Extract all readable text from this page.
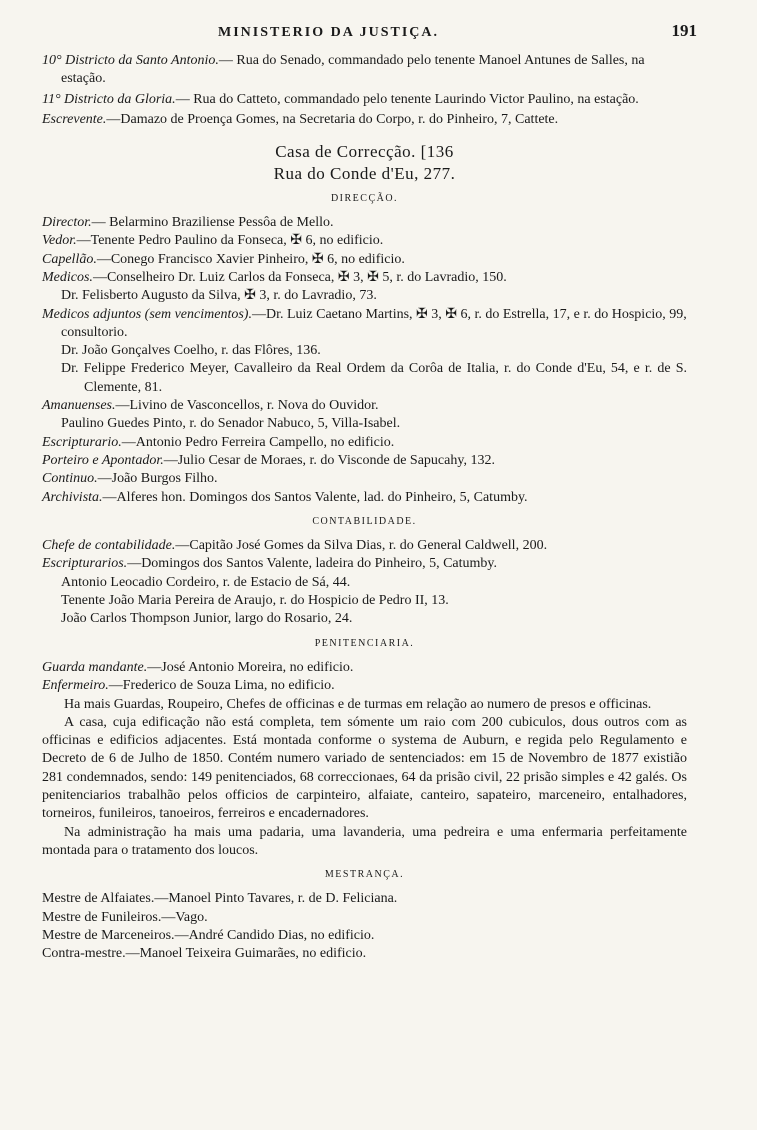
MINISTERIO DA JUSTIÇA.	191

10° Districto da Santo Antonio.— Rua do Senado, commandado pelo tenente Manoel Antunes de Salles, na estação.

11° Districto da Gloria.— Rua do Catteto, commandado pelo tenente Laurindo Victor Paulino, na estação.

Escrevente.—Damazo de Proença Gomes, na Secretaria do Corpo, r. do Pinheiro, 7, Cattete.

Casa de Correcção. [136

Rua do Conde d'Eu, 277.

DIRECÇÃO.

Director.— Belarmino Braziliense Pessôa de Mello.

Vedor.—Tenente Pedro Paulino da Fonseca, ✠ 6, no edificio.

Capellão.—Conego Francisco Xavier Pinheiro, ✠ 6, no edificio.

Medicos.—Conselheiro Dr. Luiz Carlos da Fonseca, ✠ 3, ✠ 5, r. do Lavradio, 150.

Dr. Felisberto Augusto da Silva, ✠ 3, r. do Lavradio, 73.

Medicos adjuntos (sem vencimentos).—Dr. Luiz Caetano Martins, ✠ 3, ✠ 6, r. do Estrella, 17, e r. do Hospicio, 99, consultorio.

Dr. João Gonçalves Coelho, r. das Flôres, 136.

Dr. Felippe Frederico Meyer, Cavalleiro da Real Ordem da Corôa de Italia, r. do Conde d'Eu, 54, e r. de S. Clemente, 81.

Amanuenses.—Livino de Vasconcellos, r. Nova do Ouvidor.

Paulino Guedes Pinto, r. do Senador Nabuco, 5, Villa-Isabel.

Escripturario.—Antonio Pedro Ferreira Campello, no edificio.

Porteiro e Apontador.—Julio Cesar de Moraes, r. do Visconde de Sapucahy, 132.

Continuo.—João Burgos Filho.

Archivista.—Alferes hon. Domingos dos Santos Valente, lad. do Pinheiro, 5, Catumby.

CONTABILIDADE.

Chefe de contabilidade.—Capitão José Gomes da Silva Dias, r. do General Caldwell, 200.

Escripturarios.—Domingos dos Santos Valente, ladeira do Pinheiro, 5, Catumby.

Antonio Leocadio Cordeiro, r. de Estacio de Sá, 44.

Tenente João Maria Pereira de Araujo, r. do Hospicio de Pedro II, 13.

João Carlos Thompson Junior, largo do Rosario, 24.

PENITENCIARIA.

Guarda mandante.—José Antonio Moreira, no edificio.

Enfermeiro.—Frederico de Souza Lima, no edificio.

Ha mais Guardas, Roupeiro, Chefes de officinas e de turmas em relação ao numero de presos e officinas.

A casa, cuja edificação não está completa, tem sómente um raio com 200 cubiculos, dous outros com as officinas e edificios adjacentes. Está montada conforme o systema de Auburn, e regida pelo Regulamento e Decreto de 6 de Julho de 1850. Contém numero variado de sentenciados: em 15 de Novembro de 1877 existião 281 condemnados, sendo: 149 penitenciados, 68 correccionaes, 64 da prisão civil, 22 prisão simples e 42 galés. Os penitenciarios trabalhão pelos officios de carpinteiro, alfaiate, canteiro, sapateiro, marceneiro, entalhadores, torneiros, funileiros, tanoeiros, ferreiros e encadernadores.

Na administração ha mais uma padaria, uma lavanderia, uma pedreira e uma enfermaria perfeitamente montada para o tratamento dos loucos.

MESTRANÇA.

Mestre de Alfaiates.—Manoel Pinto Tavares, r. de D. Feliciana.

Mestre de Funileiros.—Vago.

Mestre de Marceneiros.—André Candido Dias, no edificio.

Contra-mestre.—Manoel Teixeira Guimarães, no edificio.
